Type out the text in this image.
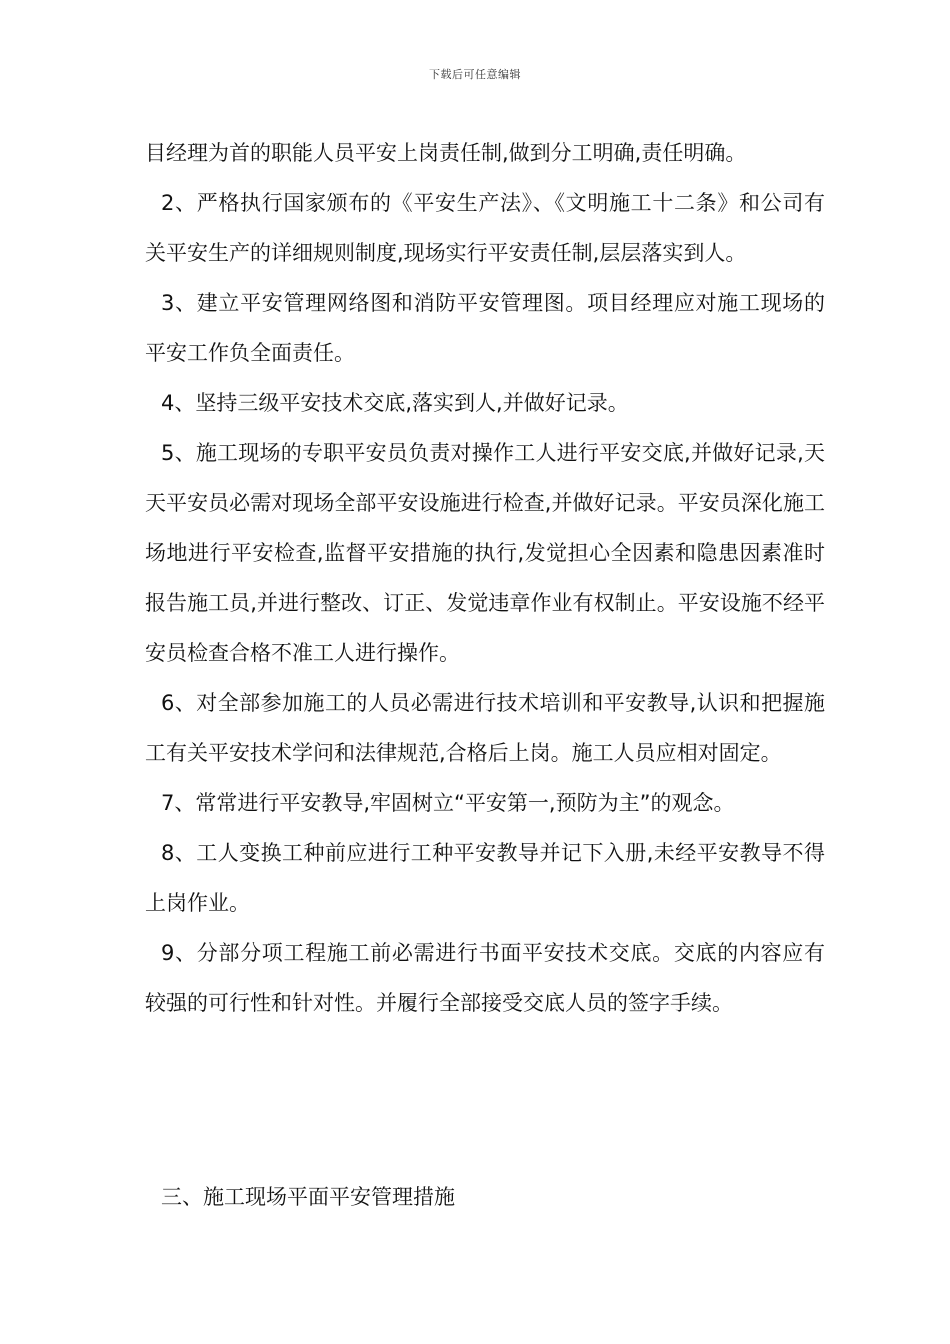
下载后可任意编辑

目经理为首的职能人员平安上岗责任制,做到分工明确,责任明确。

2、严格执行国家颁布的《平安生产法》、《文明施工十二条》和公司有关平安生产的详细规则制度,现场实行平安责任制,层层落实到人。

3、建立平安管理网络图和消防平安管理图。项目经理应对施工现场的平安工作负全面责任。

4、坚持三级平安技术交底,落实到人,并做好记录。

5、施工现场的专职平安员负责对操作工人进行平安交底,并做好记录,天天平安员必需对现场全部平安设施进行检查,并做好记录。平安员深化施工场地进行平安检查,监督平安措施的执行,发觉担心全因素和隐患因素准时报告施工员,并进行整改、订正、发觉违章作业有权制止。平安设施不经平安员检查合格不准工人进行操作。

6、对全部参加施工的人员必需进行技术培训和平安教导,认识和把握施工有关平安技术学问和法律规范,合格后上岗。施工人员应相对固定。

7、常常进行平安教导,牢固树立“平安第一,预防为主”的观念。

8、工人变换工种前应进行工种平安教导并记下入册,未经平安教导不得上岗作业。

9、分部分项工程施工前必需进行书面平安技术交底。交底的内容应有较强的可行性和针对性。并履行全部接受交底人员的签字手续。

三、施工现场平面平安管理措施
